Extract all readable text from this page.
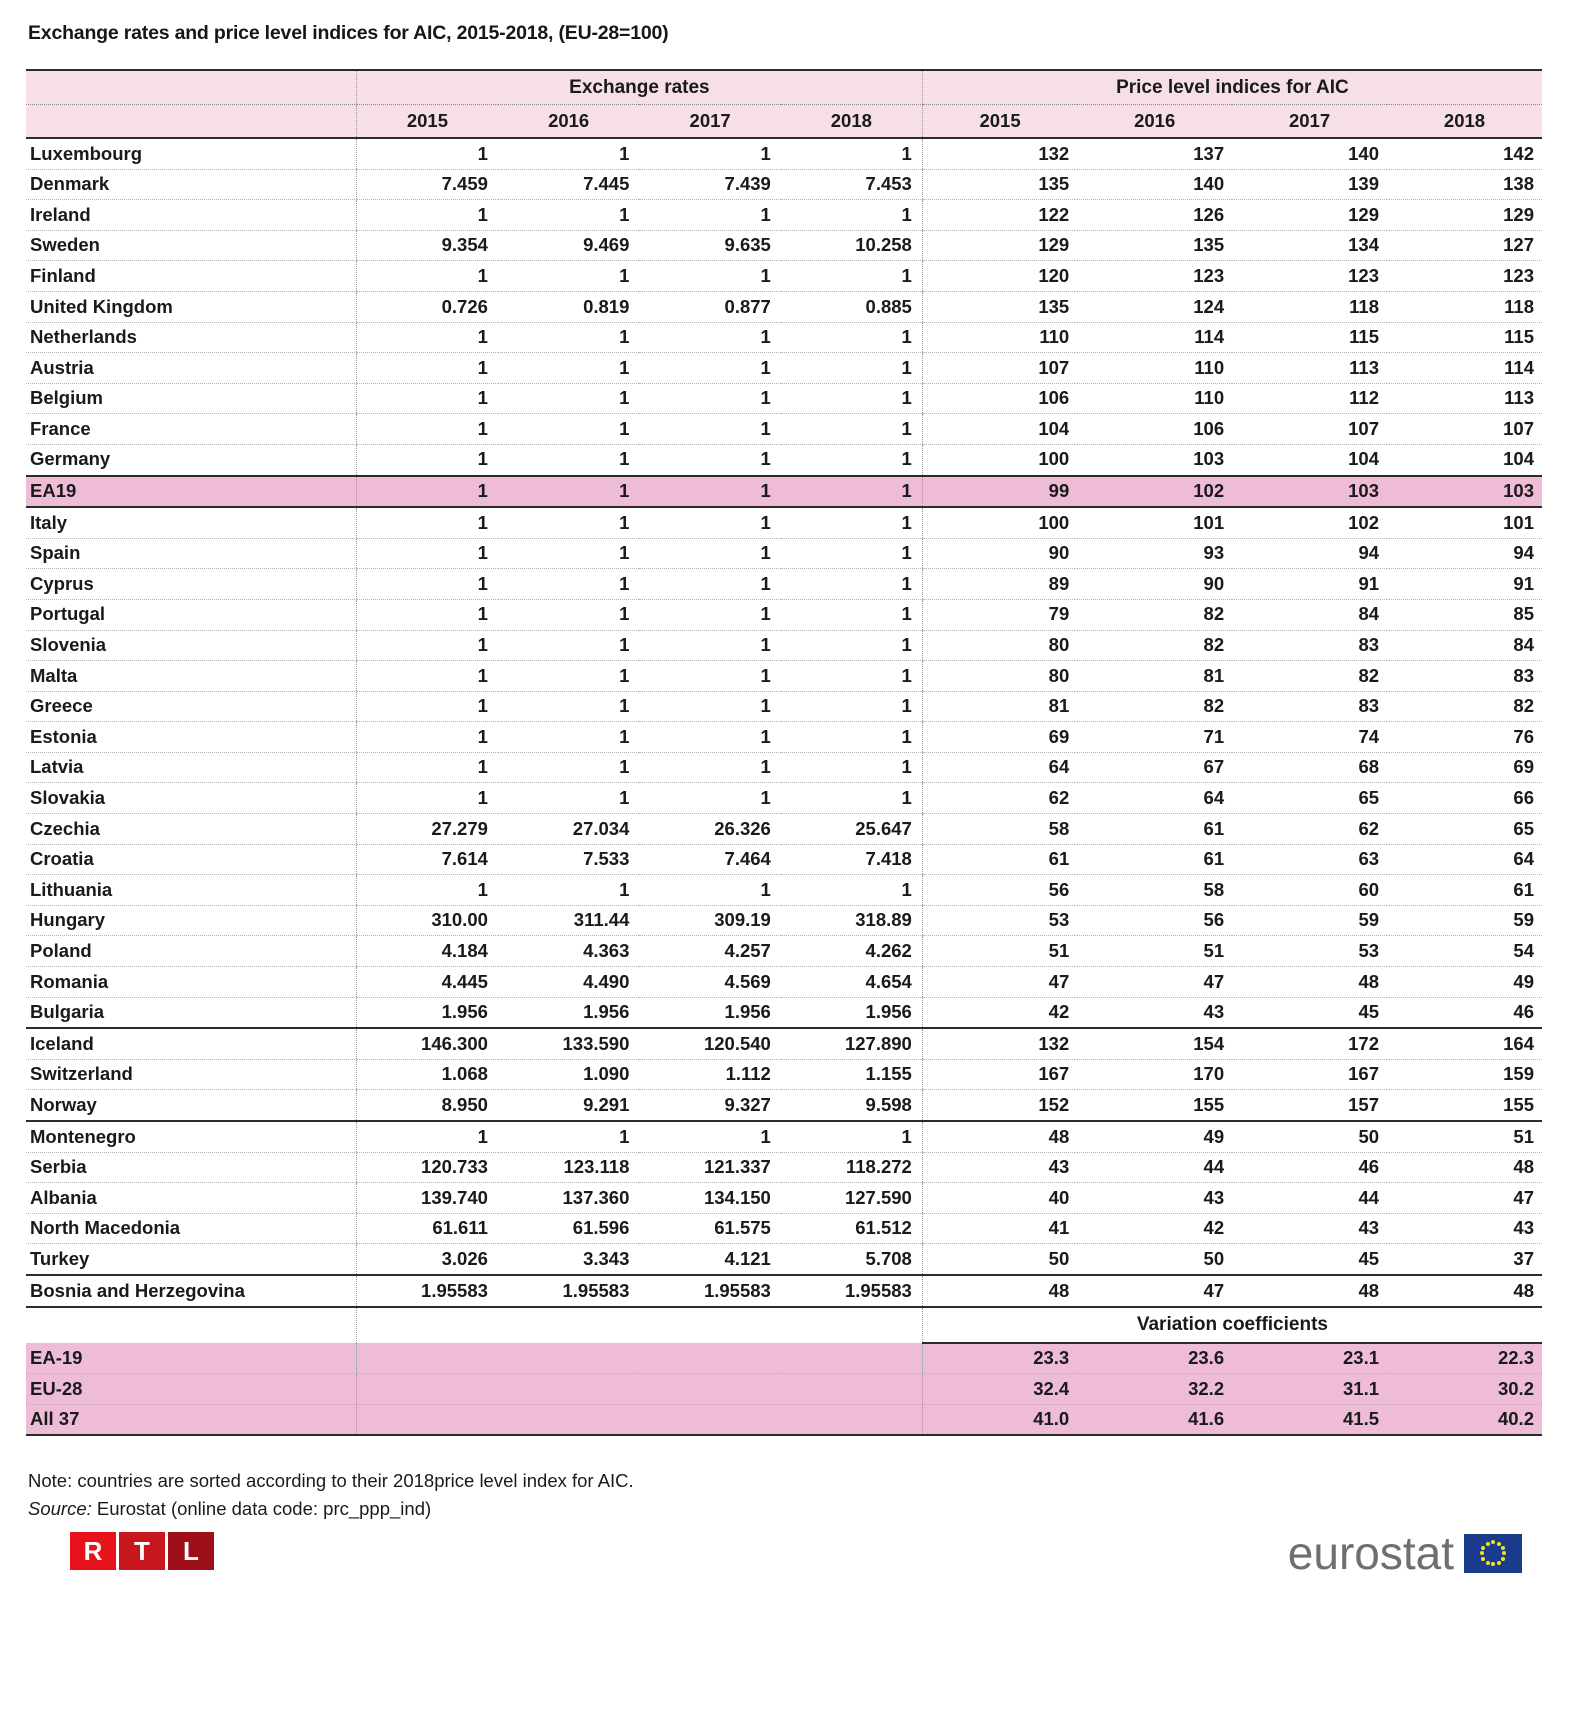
Exchange rates and price level indices for AIC, 2015-2018, (EU-28=100)
	Exchange rates				Price level indices for AIC			
	2015	2016	2017	2018	2015	2016	2017	2018
Luxembourg	1	1	1	1	132	137	140	142
Denmark	7.459	7.445	7.439	7.453	135	140	139	138
Ireland	1	1	1	1	122	126	129	129
Sweden	9.354	9.469	9.635	10.258	129	135	134	127
Finland	1	1	1	1	120	123	123	123
United Kingdom	0.726	0.819	0.877	0.885	135	124	118	118
Netherlands	1	1	1	1	110	114	115	115
Austria	1	1	1	1	107	110	113	114
Belgium	1	1	1	1	106	110	112	113
France	1	1	1	1	104	106	107	107
Germany	1	1	1	1	100	103	104	104
EA19	1	1	1	1	99	102	103	103
Italy	1	1	1	1	100	101	102	101
Spain	1	1	1	1	90	93	94	94
Cyprus	1	1	1	1	89	90	91	91
Portugal	1	1	1	1	79	82	84	85
Slovenia	1	1	1	1	80	82	83	84
Malta	1	1	1	1	80	81	82	83
Greece	1	1	1	1	81	82	83	82
Estonia	1	1	1	1	69	71	74	76
Latvia	1	1	1	1	64	67	68	69
Slovakia	1	1	1	1	62	64	65	66
Czechia	27.279	27.034	26.326	25.647	58	61	62	65
Croatia	7.614	7.533	7.464	7.418	61	61	63	64
Lithuania	1	1	1	1	56	58	60	61
Hungary	310.00	311.44	309.19	318.89	53	56	59	59
Poland	4.184	4.363	4.257	4.262	51	51	53	54
Romania	4.445	4.490	4.569	4.654	47	47	48	49
Bulgaria	1.956	1.956	1.956	1.956	42	43	45	46
Iceland	146.300	133.590	120.540	127.890	132	154	172	164
Switzerland	1.068	1.090	1.112	1.155	167	170	167	159
Norway	8.950	9.291	9.327	9.598	152	155	157	155
Montenegro	1	1	1	1	48	49	50	51
Serbia	120.733	123.118	121.337	118.272	43	44	46	48
Albania	139.740	137.360	134.150	127.590	40	43	44	47
North Macedonia	61.611	61.596	61.575	61.512	41	42	43	43
Turkey	3.026	3.343	4.121	5.708	50	50	45	37
Bosnia and Herzegovina	1.95583	1.95583	1.95583	1.95583	48	47	48	48
					Variation coefficients			
EA-19					23.3	23.6	23.1	22.3
EU-28					32.4	32.2	31.1	30.2
All 37					41.0	41.6	41.5	40.2
Note: countries are sorted according to their 2018price level index for AIC.
Source: Eurostat (online data code: prc_ppp_ind)
R	T	L	eurostat
